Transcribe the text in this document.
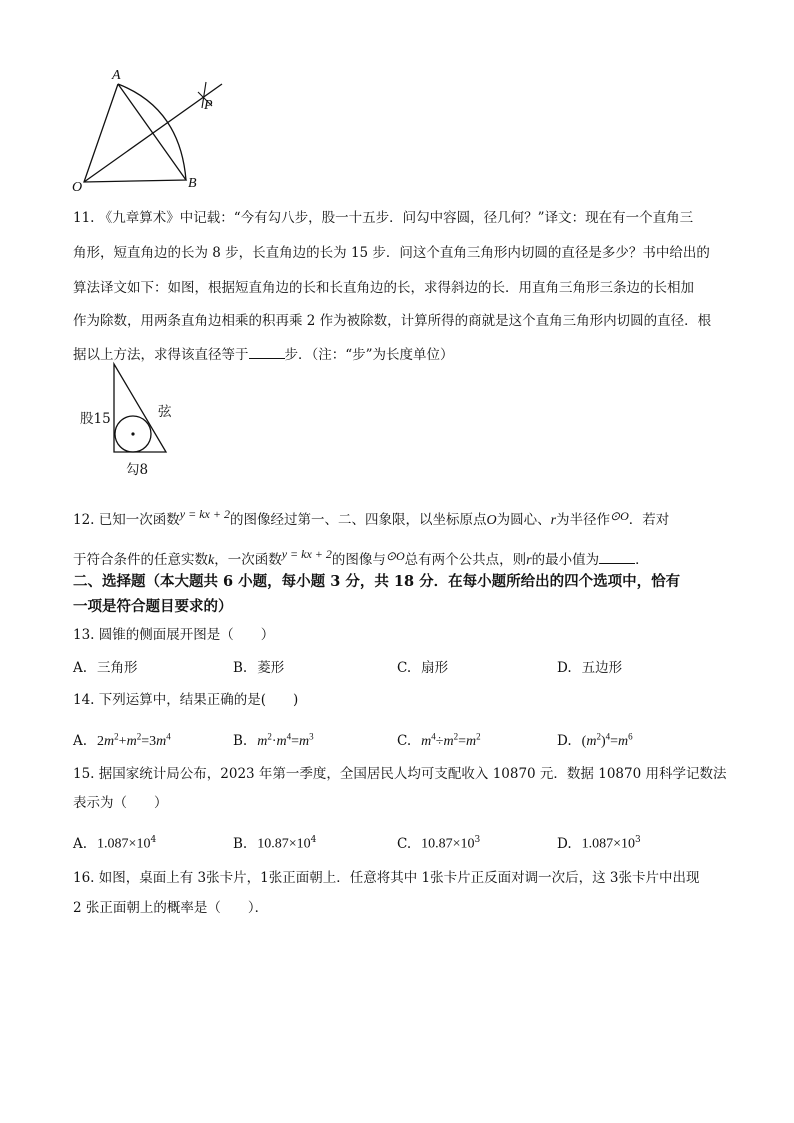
A
O	B
P
11. 《九章算术》中记载：“今有勾八步，股一十五步．问勾中容圆，径几何？”译文：现在有一个直角三
角形，短直角边的长为 8 步，长直角边的长为 15 步．问这个直角三角形内切圆的直径是多少？书中给出的
算法译文如下：如图，根据短直角边的长和长直角边的长，求得斜边的长．用直角三角形三条边的长相加
作为除数，用两条直角边相乘的积再乘 2 作为被除数，计算所得的商就是这个直角三角形内切圆的直径．根
据以上方法，求得该直径等于	步．（注：“步”为长度单位）
股15	弦
勾8
12. 已知一次函数y = kx + 2的图像经过第一、二、四象限，以坐标原点O为圆心、r为半径作⊙O．若对
于符合条件的任意实数k，一次函数y = kx + 2的图像与⊙O总有两个公共点，则r的最小值为	．
二、选择题（本大题共 6 小题，每小题 3 分，共 18 分．在每小题所给出的四个选项中，恰有
一项是符合题目要求的）
13. 圆锥的侧面展开图是（　　）
A. 三角形	B. 菱形	C. 扇形	D. 五边形
14. 下列运算中，结果正确的是(　　)
A. $2m^2+m^2=3m^4$	B. $m^2\cdot m^4=m^3$	C. $m^4\div m^2=m^2$	D. $(m^2)^4=m^6$
15. 据国家统计局公布，2023 年第一季度，全国居民人均可支配收入 10870 元．数据 10870 用科学记数法
表示为（　　）
A. $1.087\times 10^4$	B. $10.87\times 10^4$	C. $10.87\times 10^3$	D. $1.087\times 10^3$
16. 如图，桌面上有 3张卡片，1张正面朝上．任意将其中 1张卡片正反面对调一次后，这 3张卡片中出现
2 张正面朝上的概率是（　　）．
